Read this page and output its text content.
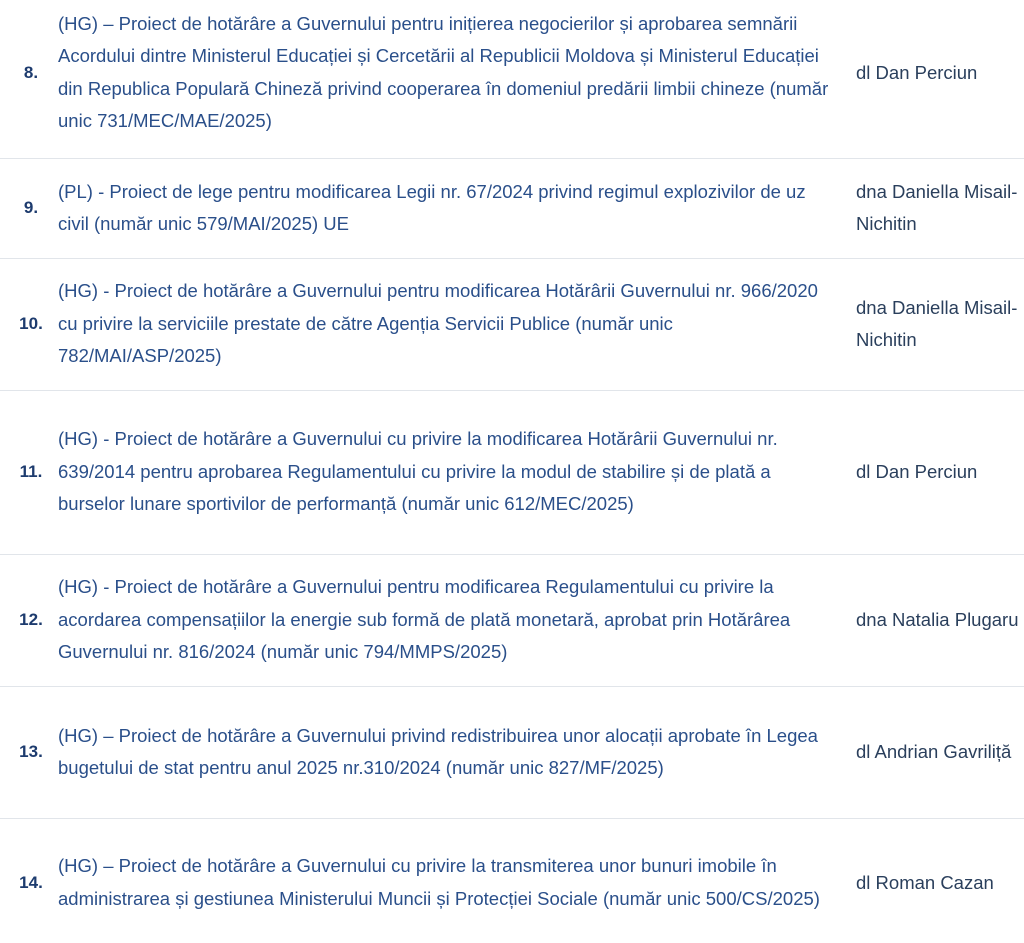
8.	(HG) – Proiect de hotărâre a Guvernului pentru inițierea negocierilor și aprobarea semnării Acordului dintre Ministerul Educației și Cercetării al Republicii Moldova și Ministerul Educației din Republica Populară Chineză privind cooperarea în domeniul predării limbii chineze (număr unic 731/MEC/MAE/2025)	dl Dan Perciun
9.	(PL) - Proiect de lege pentru modificarea Legii nr. 67/2024 privind regimul explozivilor de uz civil (număr unic 579/MAI/2025) UE	dna Daniella Misail-Nichitin
10.	(HG) - Proiect de hotărâre a Guvernului pentru modificarea Hotărârii Guvernului nr. 966/2020 cu privire la serviciile prestate de către Agenția Servicii Publice (număr unic 782/MAI/ASP/2025)	dna Daniella Misail-Nichitin
11.	(HG) - Proiect de hotărâre a Guvernului cu privire la modificarea Hotărârii Guvernului nr. 639/2014 pentru aprobarea Regulamentului cu privire la modul de stabilire și de plată a burselor lunare sportivilor de performanță (număr unic 612/MEC/2025)	dl Dan Perciun
12.	(HG) - Proiect de hotărâre a Guvernului pentru modificarea Regulamentului cu privire la acordarea compensațiilor la energie sub formă de plată monetară, aprobat prin Hotărârea Guvernului nr. 816/2024 (număr unic 794/MMPS/2025)	dna Natalia Plugaru
13.	(HG) – Proiect de hotărâre a Guvernului privind redistribuirea unor alocații aprobate în Legea bugetului de stat pentru anul 2025 nr.310/2024 (număr unic 827/MF/2025)	dl Andrian Gavriliță
14.	(HG) – Proiect de hotărâre a Guvernului cu privire la transmiterea unor bunuri imobile în administrarea și gestiunea Ministerului Muncii și Protecției Sociale (număr unic 500/CS/2025)	dl Roman Cazan
